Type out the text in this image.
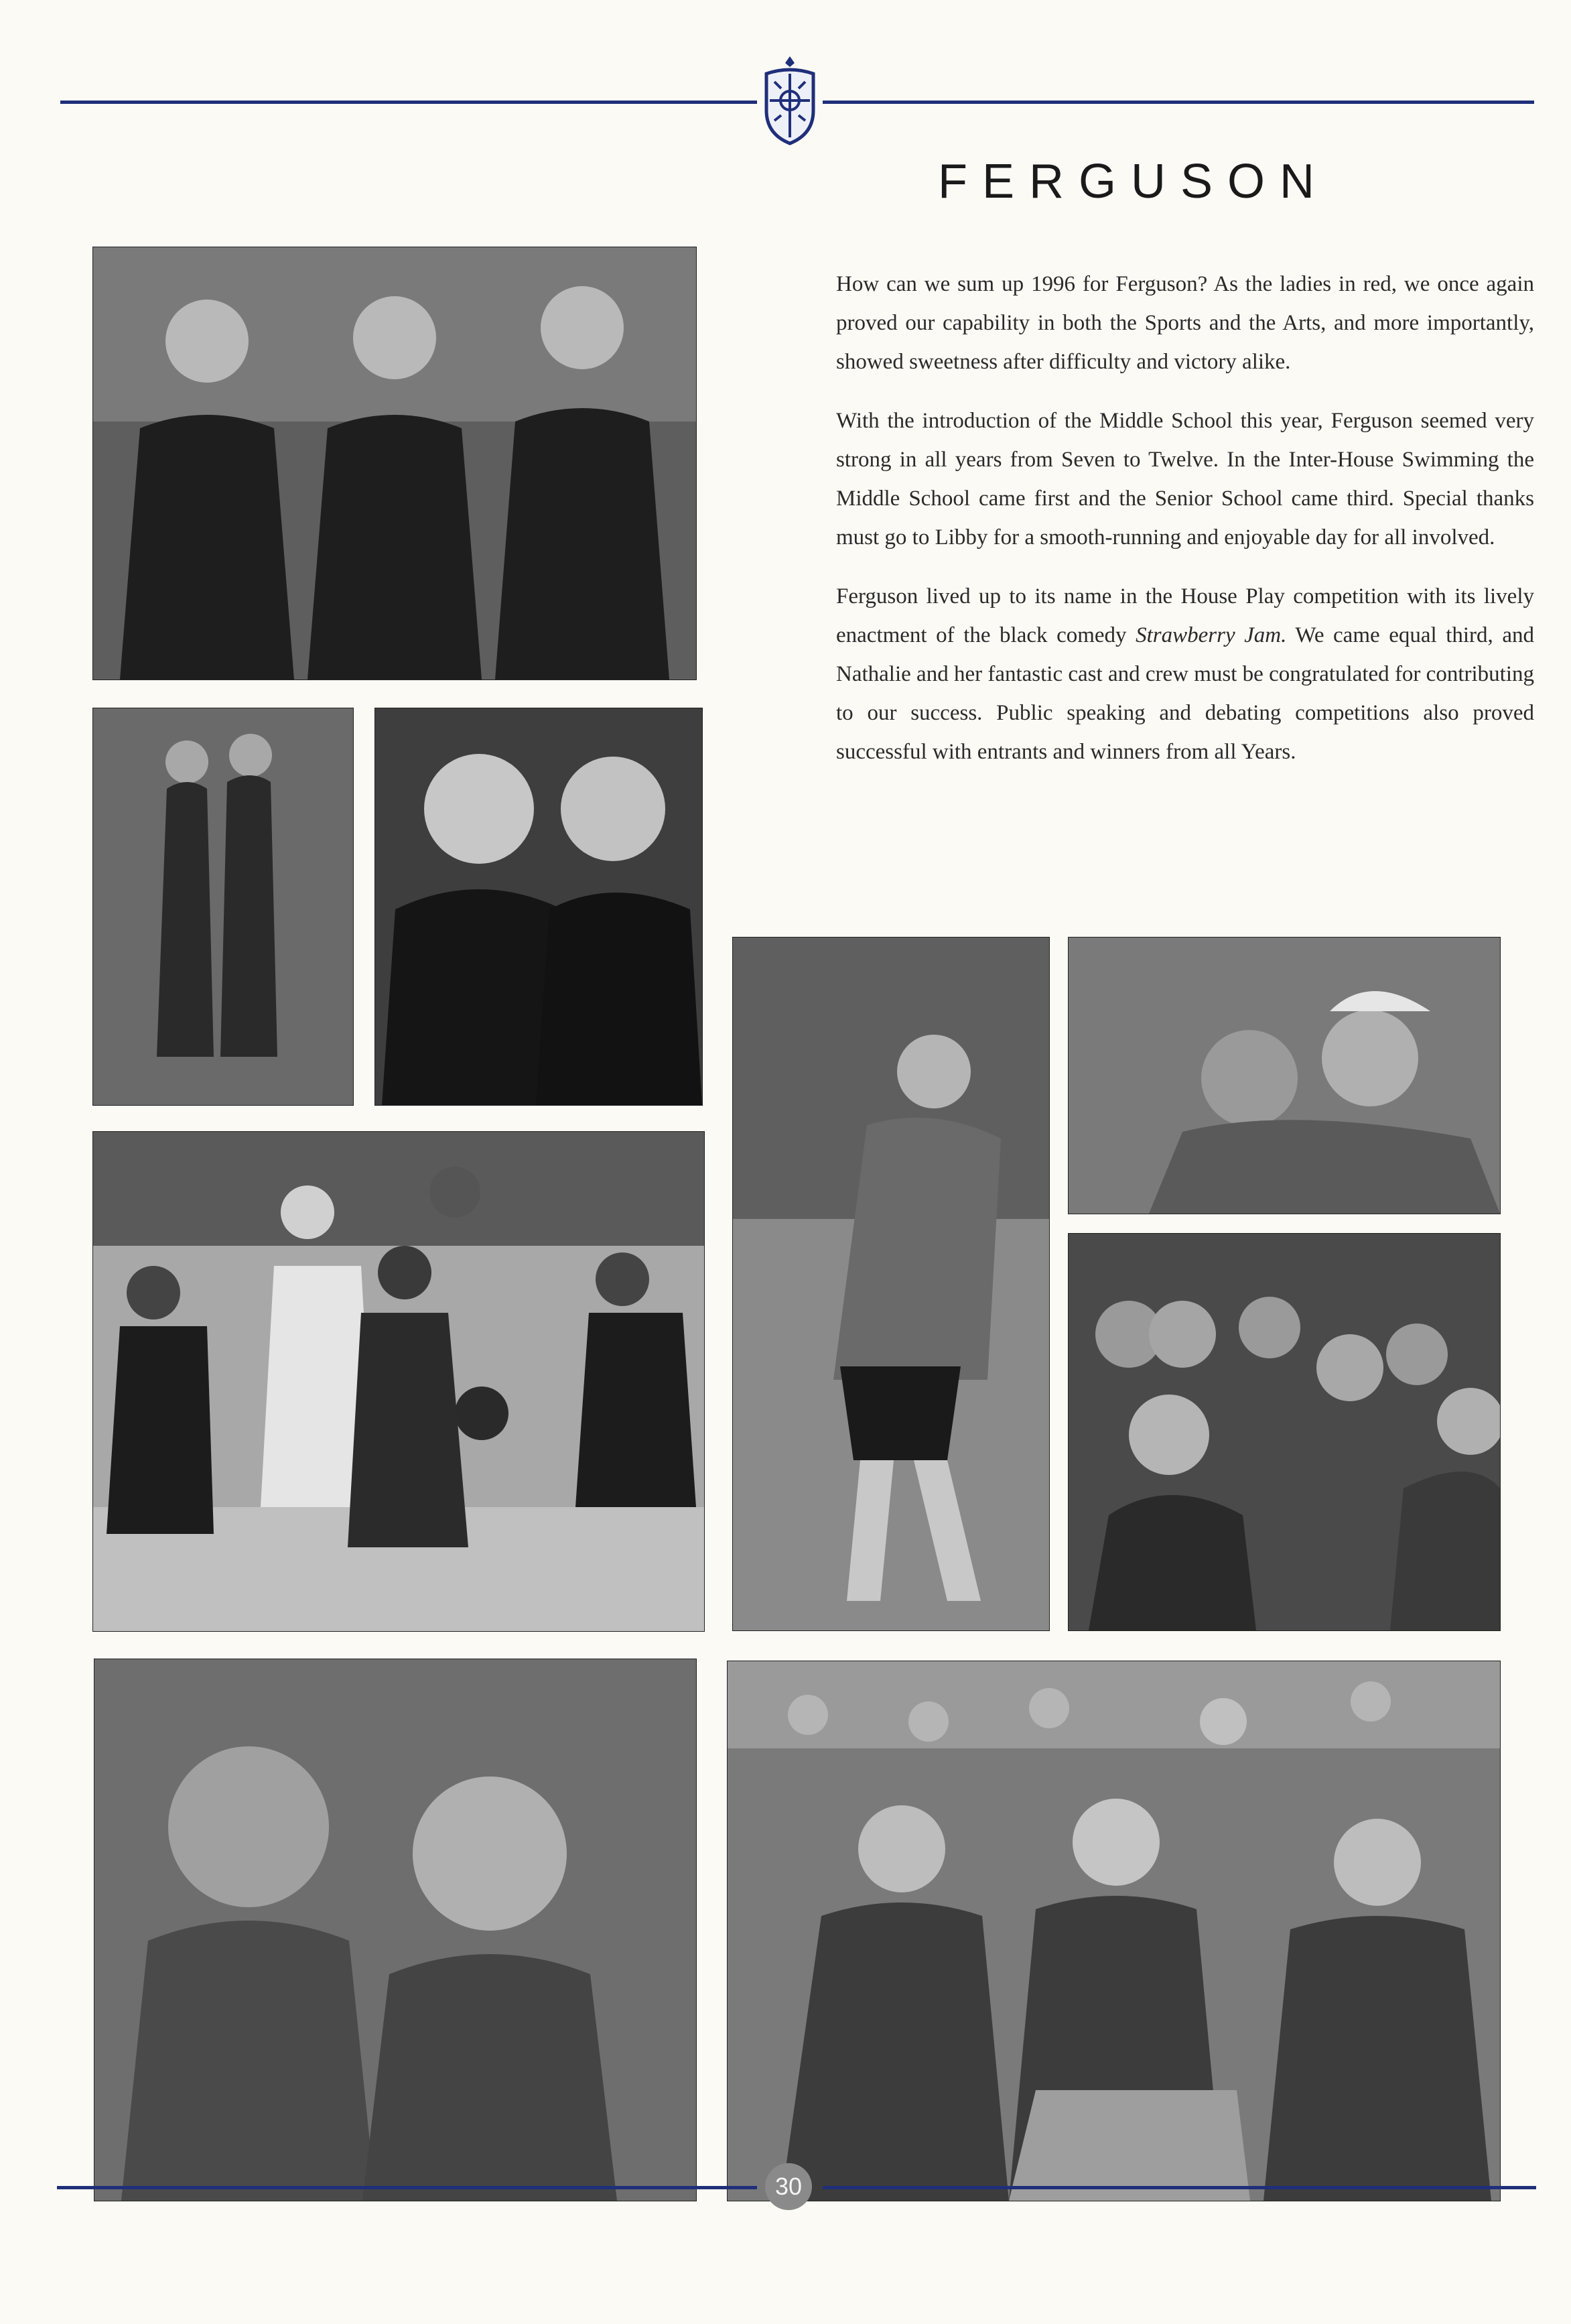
FERGUSON

How can we sum up 1996 for Ferguson? As the ladies in red, we once again proved our capability in both the Sports and the Arts, and more importantly, showed sweetness after difficulty and victory alike.

With the introduction of the Middle School this year, Ferguson seemed very strong in all years from Seven to Twelve. In the Inter-House Swimming the Middle School came first and the Senior School came third. Special thanks must go to Libby for a smooth-running and enjoyable day for all involved.

Ferguson lived up to its name in the House Play competition with its lively enactment of the black comedy Strawberry Jam. We came equal third, and Nathalie and her fantastic cast and crew must be congratulated for contributing to our success. Public speaking and debating competitions also proved successful with entrants and winners from all Years.

30
